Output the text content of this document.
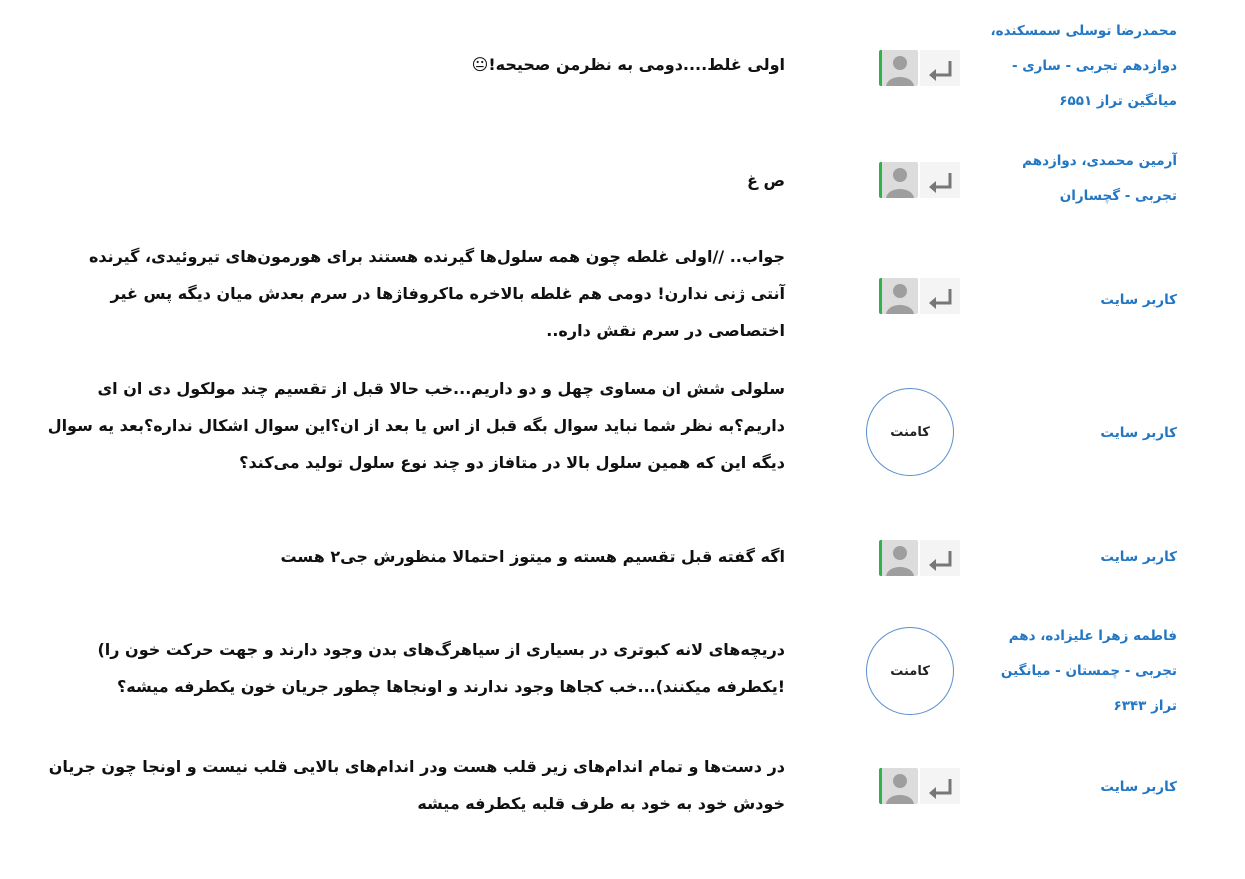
محمدرضا توسلی سمسکنده،
دوازدهم تجربی - ساری -
میانگین تراز ۶۵۵۱
اولی غلط....دومی به نظرمن صحیحه!😐
آرمین محمدی، دوازدهم
تجربی - گچساران
ص غ
کاربر سایت
جواب.. //اولی غلطه چون همه سلول‌ها گیرنده هستند برای هورمون‌های تیروئیدی، گیرنده
آنتی ژنی ندارن! دومی هم غلطه بالاخره ماکروفاژها در سرم بعدش میان دیگه پس غیر
اختصاصی در سرم نقش داره..
کاربر سایت
کامنت
سلولی شش ان مساوی چهل و دو داریم...خب حالا قبل از تقسیم چند مولکول دی ان ای
داریم؟به نظر شما نباید سوال بگه قبل از اس یا بعد از ان؟این سوال اشکال نداره؟بعد یه سوال
دیگه این که همین سلول بالا در متافاز دو چند نوع سلول تولید می‌کند؟
کاربر سایت
اگه گفته قبل تقسیم هسته و میتوز احتمالا منظورش جی۲ هست
فاطمه زهرا علیزاده، دهم
تجربی - چمستان - میانگین
تراز ۶۳۴۳
کامنت
دریچه‌های لانه کبوتری در بسیاری از سیاهرگ‌های بدن وجود دارند و جهت حرکت خون را)
!یکطرفه میکنند)...خب کجاها وجود ندارند و اونجاها چطور جریان خون یکطرفه میشه؟
کاربر سایت
در دست‌ها و تمام اندام‌های زیر قلب هست ودر اندام‌های بالایی قلب نیست و اونجا چون جریان
خودش خود به خود به طرف قلبه یکطرفه میشه
